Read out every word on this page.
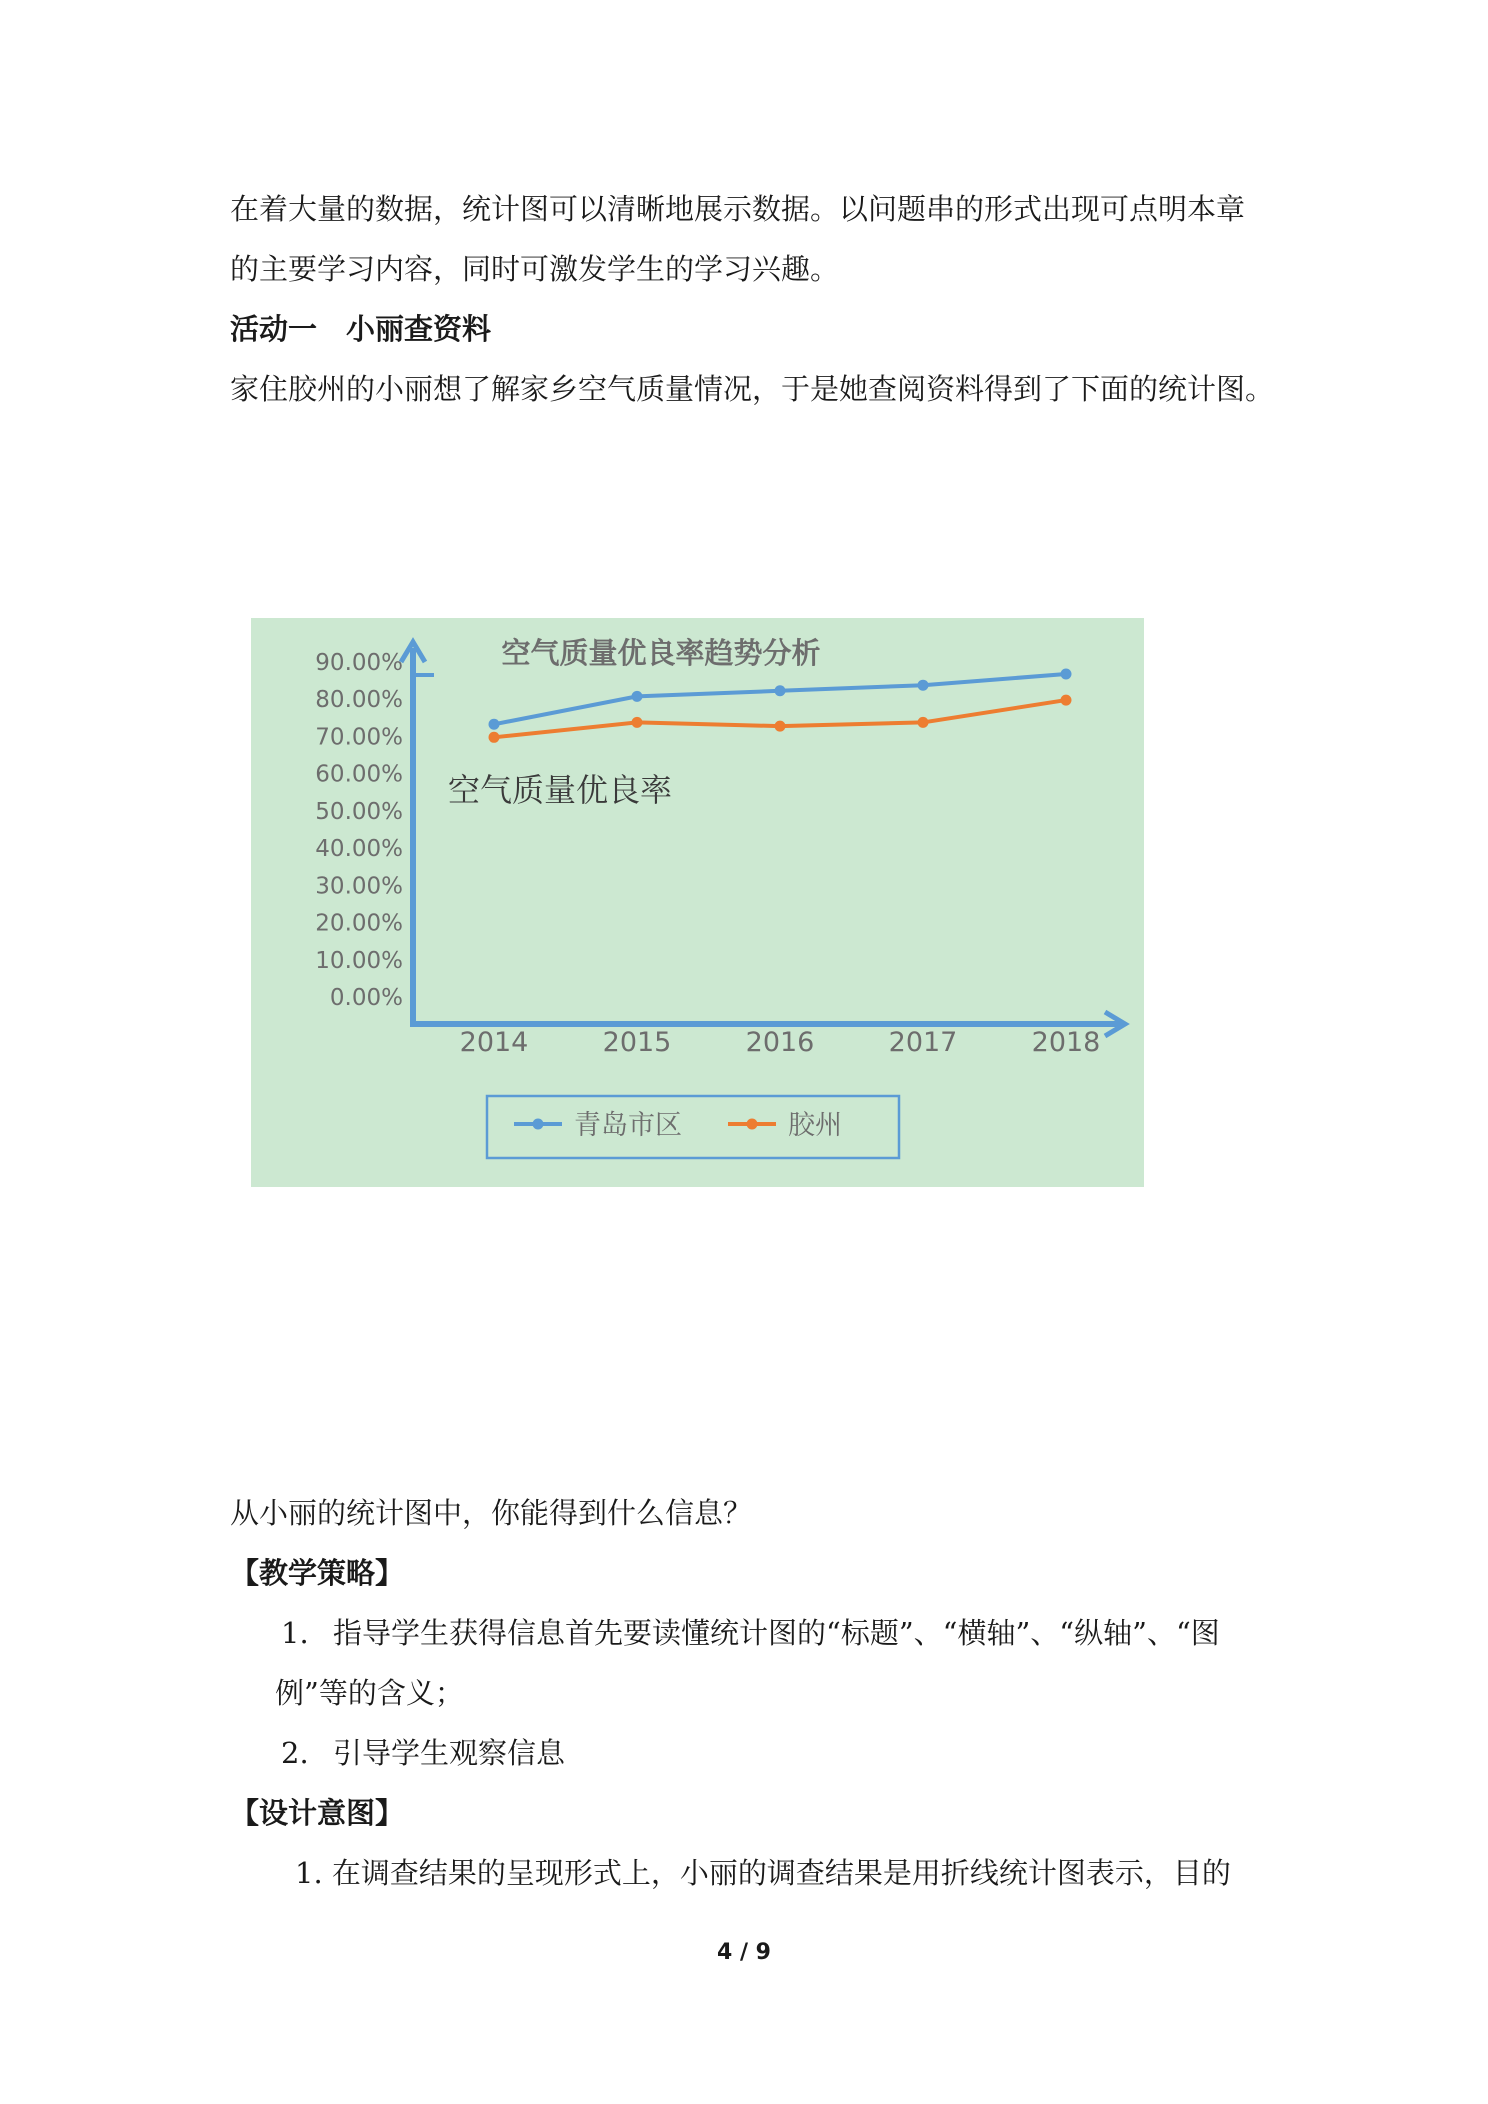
在着大量的数据，统计图可以清晰地展示数据。以问题串的形式出现可点明本章

的主要学习内容，同时可激发学生的学习兴趣。

活动一　小丽查资料

家住胶州的小丽想了解家乡空气质量情况，于是她查阅资料得到了下面的统计图。

空气质量优良率趋势分析
90.00%
80.00%
70.00%
60.00%
50.00%
40.00%
30.00%
20.00%
10.00%
0.00%
2014	2015	2016	2017	2018
空气质量优良率
青岛市区	胶州

从小丽的统计图中，你能得到什么信息？

【教学策略】

1. 指导学生获得信息首先要读懂统计图的“标题”、“横轴”、“纵轴”、“图

例”等的含义；

2. 引导学生观察信息

【设计意图】

1. 在调查结果的呈现形式上，小丽的调查结果是用折线统计图表示，目的

4 / 9
